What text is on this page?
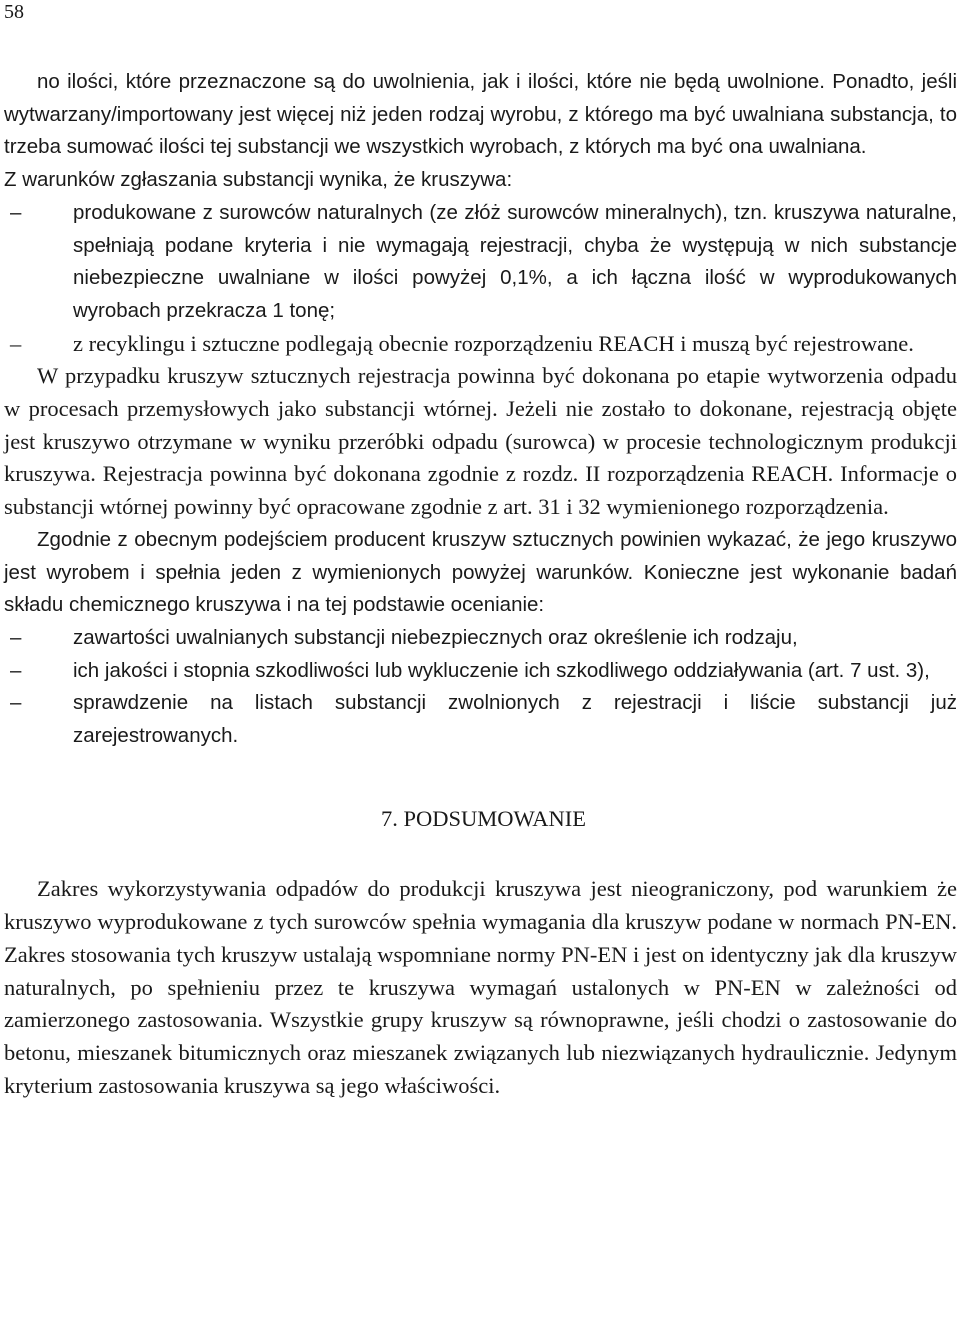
58

no ilości, które przeznaczone są do uwolnienia, jak i ilości, które nie będą uwolnione. Ponadto, jeśli wytwarzany/importowany jest więcej niż jeden rodzaj wyrobu, z którego ma być uwalniana substancja, to trzeba sumować ilości tej substancji we wszystkich wyrobach, z których ma być ona uwalniana.

Z warunków zgłaszania substancji wynika, że kruszywa:

– produkowane z surowców naturalnych (ze złóż surowców mineralnych), tzn. kruszywa naturalne, spełniają podane kryteria i nie wymagają rejestracji, chyba że występują w nich substancje niebezpieczne uwalniane w ilości powyżej 0,1%, a ich łączna ilość w wyprodukowanych wyrobach przekracza 1 tonę;
– z recyklingu i sztuczne podlegają obecnie rozporządzeniu REACH i muszą być rejestrowane.

W przypadku kruszyw sztucznych rejestracja powinna być dokonana po etapie wytworzenia odpadu w procesach przemysłowych jako substancji wtórnej. Jeżeli nie zostało to dokonane, rejestracją objęte jest kruszywo otrzymane w wyniku przeróbki odpadu (surowca) w procesie technologicznym produkcji kruszywa. Rejestracja powinna być dokonana zgodnie z rozdz. II rozporządzenia REACH. Informacje o substancji wtórnej powinny być opracowane zgodnie z art. 31 i 32 wymienionego rozporządzenia.

Zgodnie z obecnym podejściem producent kruszyw sztucznych powinien wykazać, że jego kruszywo jest wyrobem i spełnia jeden z wymienionych powyżej warunków. Konieczne jest wykonanie badań składu chemicznego kruszywa i na tej podstawie ocenianie:

– zawartości uwalnianych substancji niebezpiecznych oraz określenie ich rodzaju,
– ich jakości i stopnia szkodliwości lub wykluczenie ich szkodliwego oddziaływania (art. 7 ust. 3),
– sprawdzenie na listach substancji zwolnionych z rejestracji i liście substancji już zarejestrowanych.
7. PODSUMOWANIE

Zakres wykorzystywania odpadów do produkcji kruszywa jest nieograniczony, pod warunkiem że kruszywo wyprodukowane z tych surowców spełnia wymagania dla kruszyw podane w normach PN-EN. Zakres stosowania tych kruszyw ustalają wspomniane normy PN-EN i jest on identyczny jak dla kruszyw naturalnych, po spełnieniu przez te kruszywa wymagań ustalonych w PN-EN w zależności od zamierzonego zastosowania. Wszystkie grupy kruszyw są równoprawne, jeśli chodzi o zastosowanie do betonu, mieszanek bitumicznych oraz mieszanek związanych lub niezwiązanych hydraulicznie. Jedynym kryterium zastosowania kruszywa są jego właściwości.
